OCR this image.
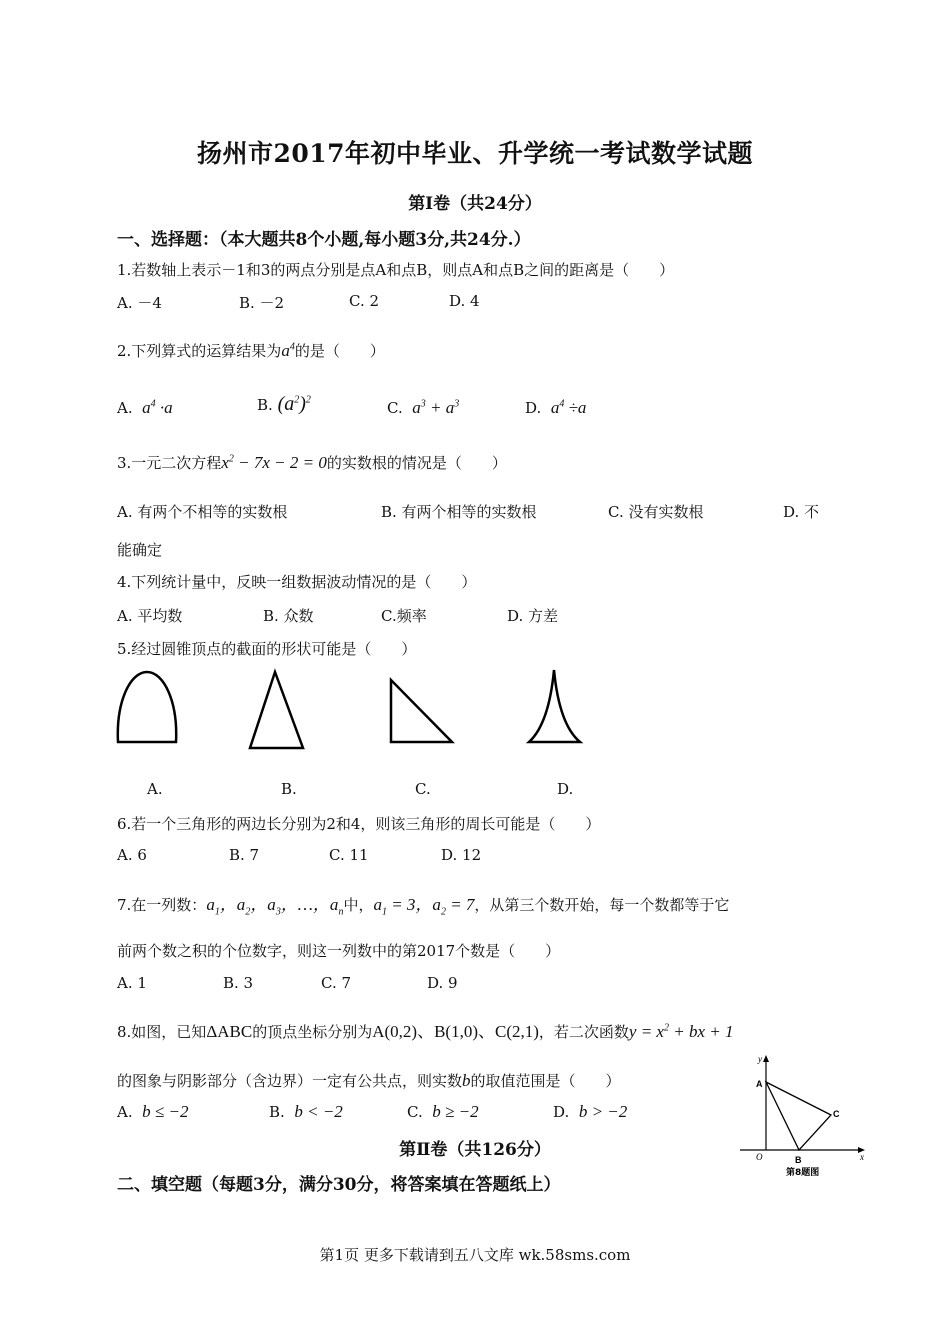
扬州市2017年初中毕业、升学统一考试数学试题
第Ⅰ卷（共24分）
一、选择题：（本大题共8个小题,每小题3分,共24分.）
1.若数轴上表示－1和3的两点分别是点A和点B，则点A和点B之间的距离是（　　）
A. －4	B. －2	C. 2	D. 4
2.下列算式的运算结果为$a^4$的是（　　）
A. $a^4 \cdot a$	B. $(a^2)^2$	C. $a^3 + a^3$	D. $a^4 \div a$
3.一元二次方程$x^2 - 7x - 2 = 0$的实数根的情况是（　　）
A. 有两个不相等的实数根	B. 有两个相等的实数根	C. 没有实数根	D. 不
能确定
4.下列统计量中，反映一组数据波动情况的是（　　）
A. 平均数	B. 众数	C.频率	D. 方差
5.经过圆锥顶点的截面的形状可能是（　　）
A.	B.	C.	D.
6.若一个三角形的两边长分别为2和4，则该三角形的周长可能是（　　）
A. 6	B. 7	C. 11	D. 12
7.在一列数：$a_1$，$a_2$，$a_3$，…，$a_n$中，$a_1 = 3$，$a_2 = 7$，从第三个数开始，每一个数都等于它
前两个数之积的个位数字，则这一列数中的第2017个数是（　　）
A. 1	B. 3	C. 7	D. 9
8.如图，已知ΔABC的顶点坐标分别为A(0,2)、B(1,0)、C(2,1)，若二次函数$y = x^2$ + bx + 1
的图象与阴影部分（含边界）一定有公共点，则实数b的取值范围是（　　）
A. b ≤ −2	B. b < −2	C. b ≥ −2	D. b > −2
A
B
C
O	x
y
第8题图
第Ⅱ卷（共126分）
二、填空题（每题3分，满分30分，将答案填在答题纸上）
第1页 更多下载请到五八文库 wk.58sms.com
